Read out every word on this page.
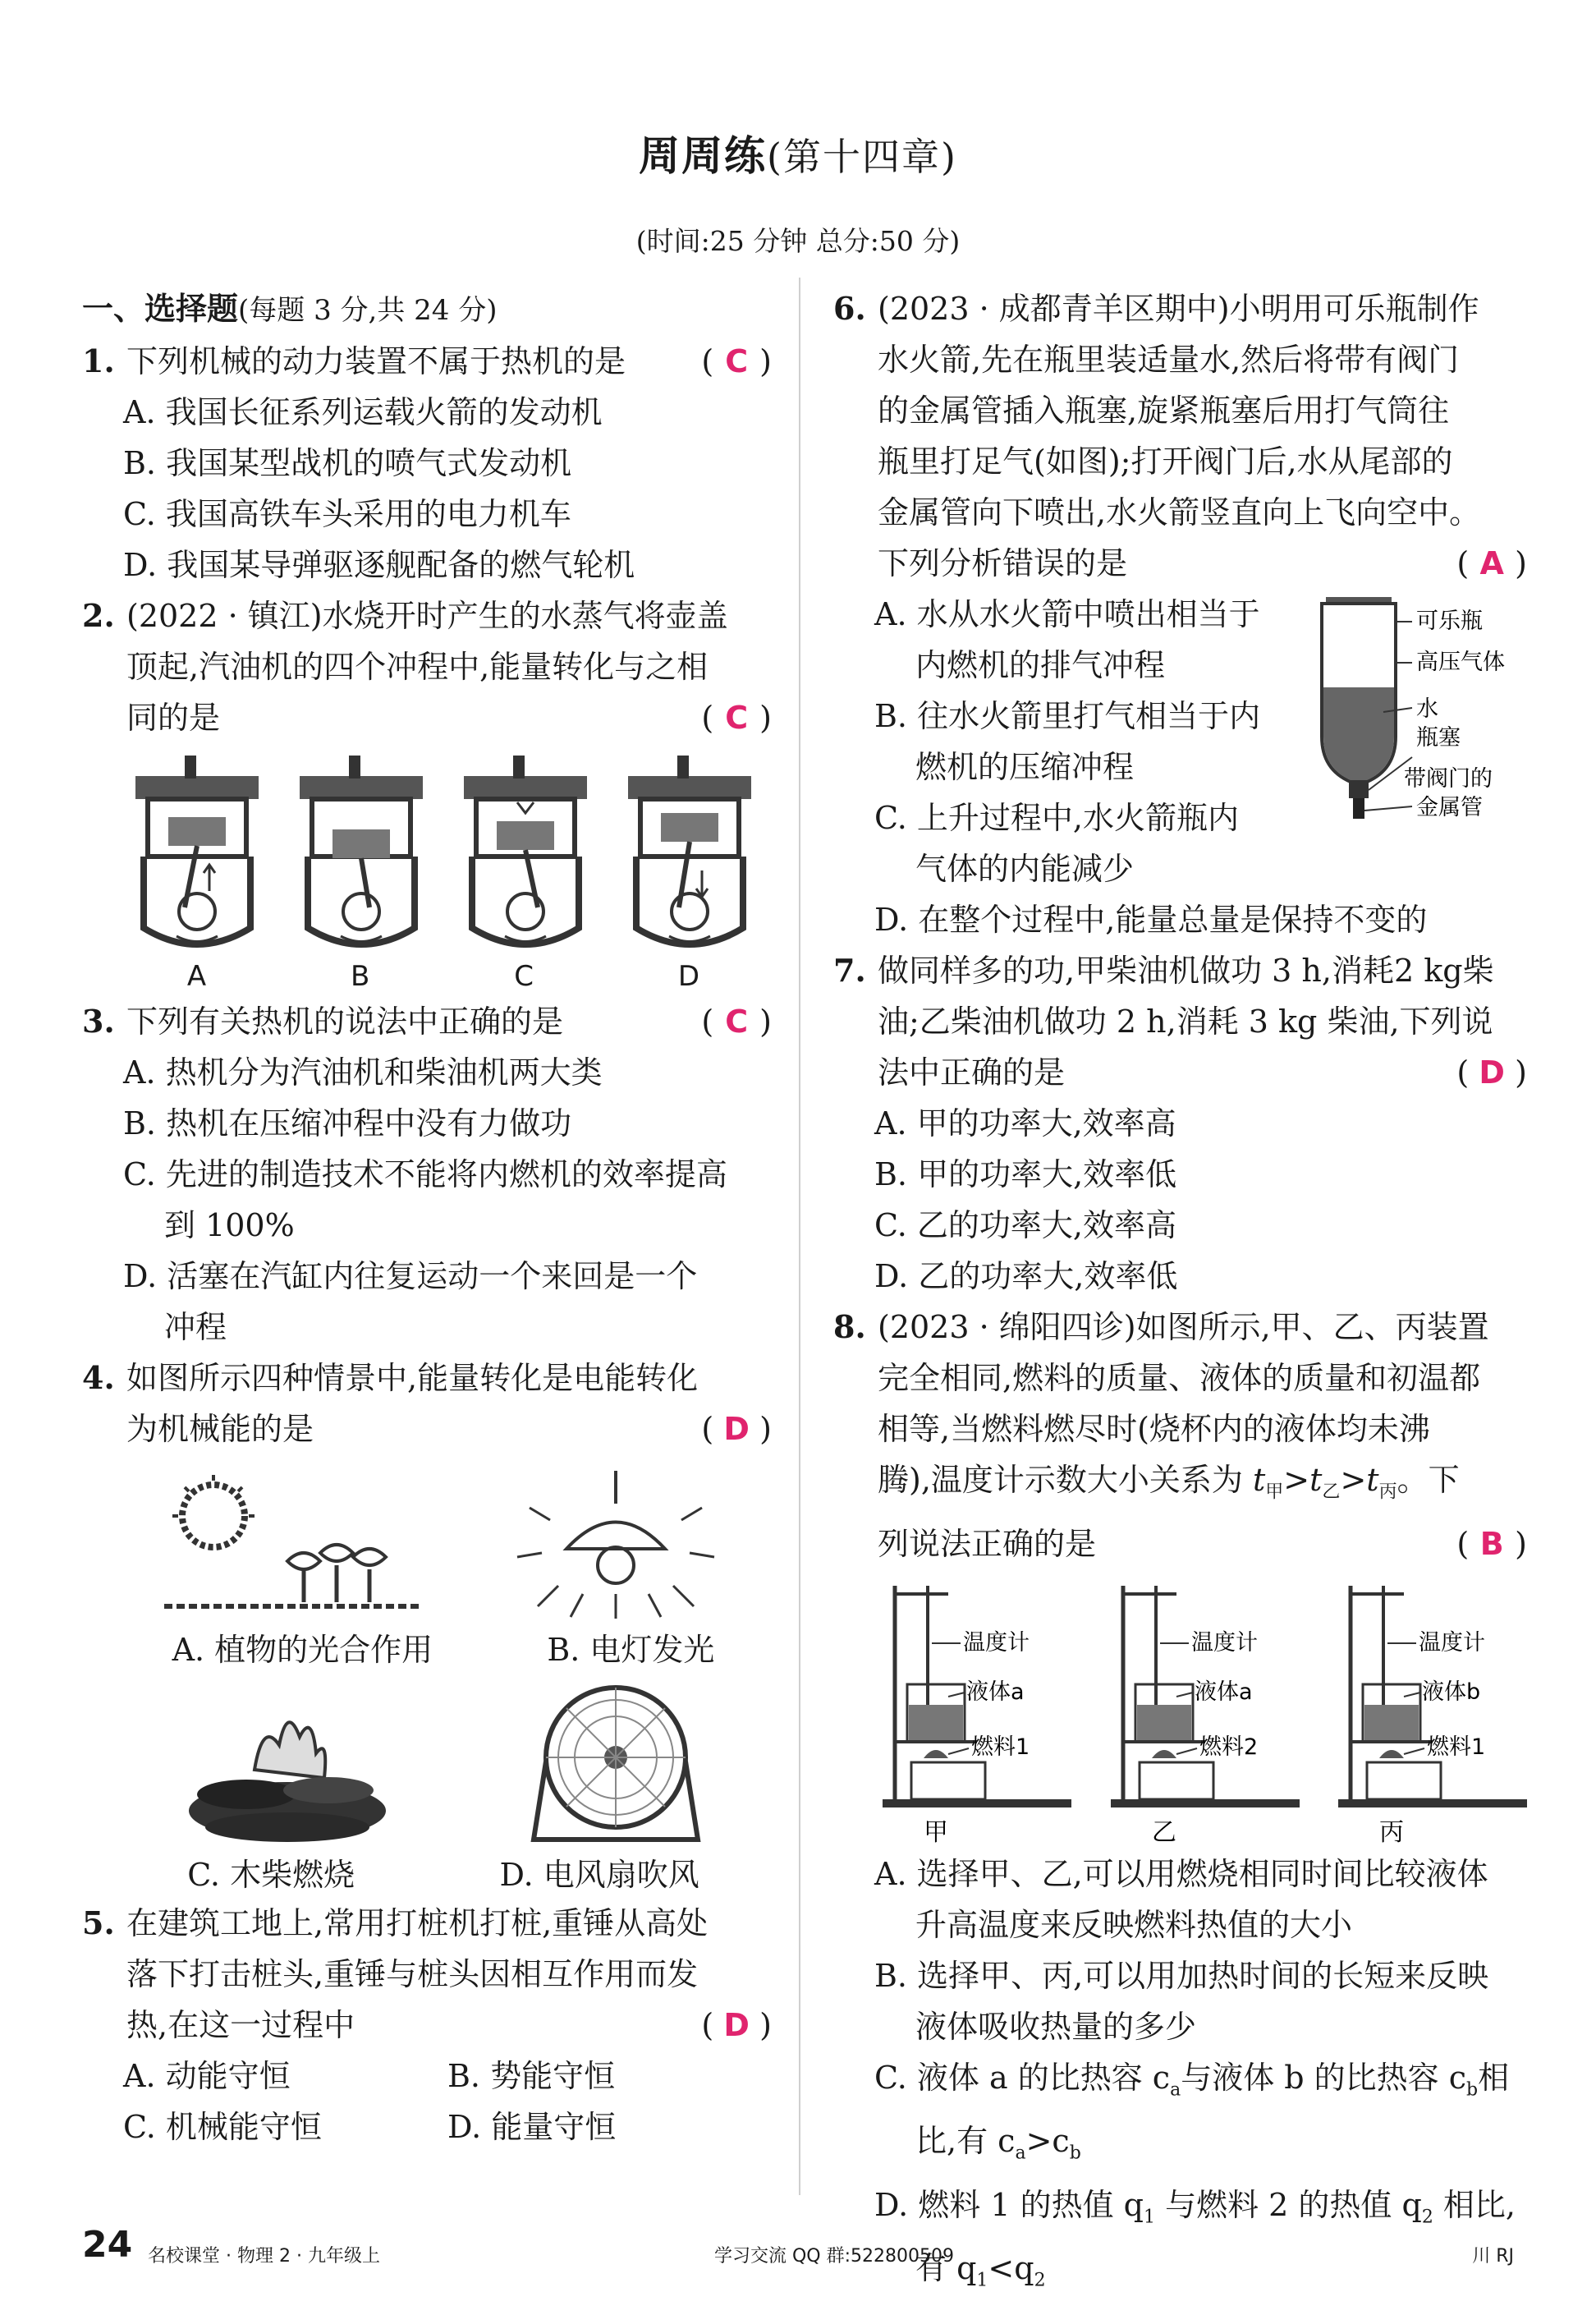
周周练(第十四章)
(时间:25 分钟 总分:50 分)
一、选择题(每题 3 分,共 24 分)
1. 下列机械的动力装置不属于热机的是 ( C )
A. 我国长征系列运载火箭的发动机
B. 我国某型战机的喷气式发动机
C. 我国高铁车头采用的电力机车
D. 我国某导弹驱逐舰配备的燃气轮机
2. (2022 · 镇江)水烧开时产生的水蒸气将壶盖
顶起,汽油机的四个冲程中,能量转化与之相
同的是	( C )
A	B	C	D
3. 下列有关热机的说法中正确的是	( C )
A. 热机分为汽油机和柴油机两大类
B. 热机在压缩冲程中没有力做功
C. 先进的制造技术不能将内燃机的效率提高
到 100%
D. 活塞在汽缸内往复运动一个来回是一个
冲程
4. 如图所示四种情景中,能量转化是电能转化
为机械能的是	( D )
A. 植物的光合作用	B. 电灯发光
C. 木柴燃烧	D. 电风扇吹风
5. 在建筑工地上,常用打桩机打桩,重锤从高处
落下打击桩头,重锤与桩头因相互作用而发
热,在这一过程中	( D )
A. 动能守恒	B. 势能守恒
C. 机械能守恒	D. 能量守恒
6. (2023 · 成都青羊区期中)小明用可乐瓶制作
水火箭,先在瓶里装适量水,然后将带有阀门
的金属管插入瓶塞,旋紧瓶塞后用打气筒往
瓶里打足气(如图);打开阀门后,水从尾部的
金属管向下喷出,水火箭竖直向上飞向空中。
下列分析错误的是	( A )
A. 水从水火箭中喷出相当于
内燃机的排气冲程
B. 往水火箭里打气相当于内
燃机的压缩冲程
C. 上升过程中,水火箭瓶内
气体的内能减少
可乐瓶
高压气体
水
瓶塞
带阀门的
金属管
D. 在整个过程中,能量总量是保持不变的
7. 做同样多的功,甲柴油机做功 3 h,消耗2 kg柴
油;乙柴油机做功 2 h,消耗 3 kg 柴油,下列说
法中正确的是	( D )
A. 甲的功率大,效率高
B. 甲的功率大,效率低
C. 乙的功率大,效率高
D. 乙的功率大,效率低
8. (2023 · 绵阳四诊)如图所示,甲、乙、丙装置
完全相同,燃料的质量、液体的质量和初温都
相等,当燃料燃尽时(烧杯内的液体均未沸
腾),温度计示数大小关系为 $t_甲>t_乙>t_丙$。下
列说法正确的是	( B )
温度计
液体a
燃料1
甲
温度计
液体a
燃料2
乙
温度计
液体b
燃料1
丙
A. 选择甲、乙,可以用燃烧相同时间比较液体
升高温度来反映燃料热值的大小
B. 选择甲、丙,可以用加热时间的长短来反映
液体吸收热量的多少
C. 液体 a 的比热容 $c_a$与液体 b 的比热容 $c_b$相
比,有 $c_a>c_b$
D. 燃料 1 的热值 $q_1$ 与燃料 2 的热值 $q_2$ 相比,
有 $q_1<q_2$
24 名校课堂 · 物理 2 · 九年级上	学习交流 QQ 群:522800509	川 RJ
